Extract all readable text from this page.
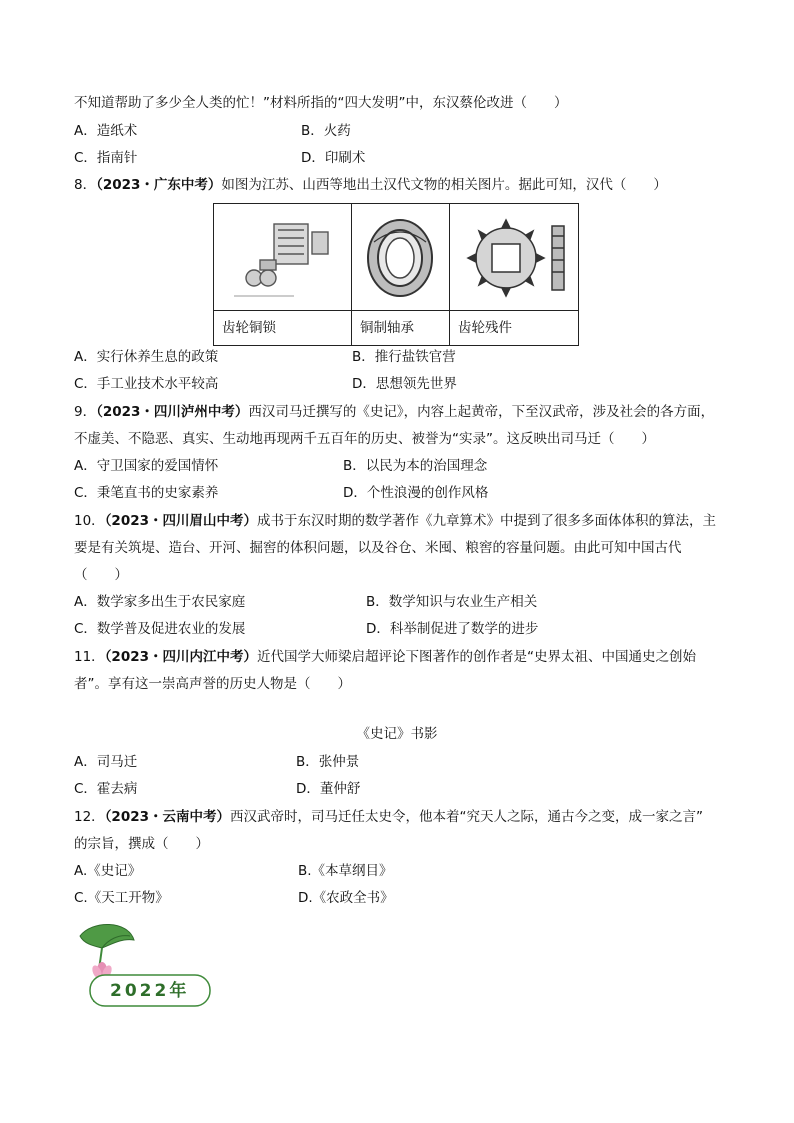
不知道帮助了多少全人类的忙！”材料所指的“四大发明”中，东汉蔡伦改进（　　）
A．造纸术	B．火药
C．指南针	D．印刷术
8．（2023・广东中考）如图为江苏、山西等地出土汉代文物的相关图片。据此可知，汉代（　　）
齿轮铜锁	铜制轴承	齿轮残件
A．实行休养生息的政策	B．推行盐铁官营
C．手工业技术水平较高	D．思想领先世界
9．（2023・四川泸州中考）西汉司马迁撰写的《史记》，内容上起黄帝，下至汉武帝，涉及社会的各方面，
不虚美、不隐恶、真实、生动地再现两千五百年的历史、被誉为“实录”。这反映出司马迁（　　）
A．守卫国家的爱国情怀	B．以民为本的治国理念
C．秉笔直书的史家素养	D．个性浪漫的创作风格
10．（2023・四川眉山中考）成书于东汉时期的数学著作《九章算术》中提到了很多多面体体积的算法，主
要是有关筑堤、造台、开河、掘窖的体积问题，以及谷仓、米囤、粮窖的容量问题。由此可知中国古代
（　　）
A．数学家多出生于农民家庭	B．数学知识与农业生产相关
C．数学普及促进农业的发展	D．科举制促进了数学的进步
11．（2023・四川内江中考）近代国学大师梁启超评论下图著作的创作者是“史界太祖、中国通史之创始
者”。享有这一崇高声誉的历史人物是（　　）
《史记》书影
A．司马迁	B．张仲景
C．霍去病	D．董仲舒
12．（2023・云南中考）西汉武帝时，司马迁任太史令，他本着“究天人之际，通古今之变，成一家之言”
的宗旨，撰成（　　）
A.《史记》	B.《本草纲目》
C.《天工开物》	D.《农政全书》
2022年
